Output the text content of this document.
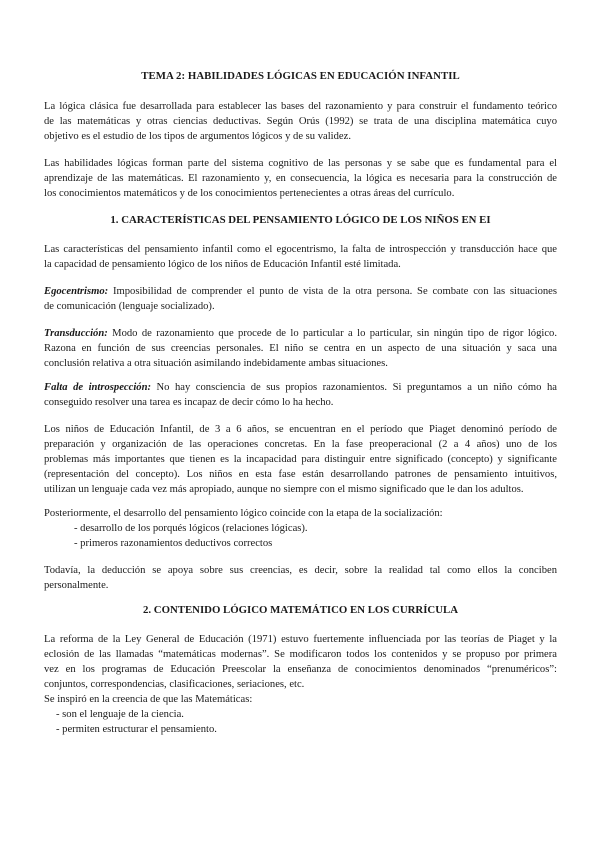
TEMA 2: HABILIDADES LÓGICAS EN EDUCACIÓN INFANTIL
La lógica clásica fue desarrollada para establecer las bases del razonamiento y para construir el fundamento teórico
de las matemáticas y otras ciencias deductivas. Según Orús (1992) se trata de una disciplina matemática cuyo
objetivo es el estudio de los tipos de argumentos lógicos y de su validez.
Las habilidades lógicas forman parte del sistema cognitivo de las personas y se sabe que es fundamental para el
aprendizaje de las matemáticas. El razonamiento y, en consecuencia, la lógica es necesaria para la construcción de
los conocimientos matemáticos y de los conocimientos pertenecientes a otras áreas del currículo.
1. CARACTERÍSTICAS DEL PENSAMIENTO LÓGICO DE LOS NIÑOS EN EI
Las características del pensamiento infantil como el egocentrismo, la falta de introspección y transducción hace que
la capacidad de pensamiento lógico de los niños de Educación Infantil esté limitada.
Egocentrismo: Imposibilidad de comprender el punto de vista de la otra persona. Se combate con las situaciones
de comunicación (lenguaje socializado).
Transducción: Modo de razonamiento que procede de lo particular a lo particular, sin ningún tipo de rigor lógico.
Razona en función de sus creencias personales. El niño se centra en un aspecto de una situación y saca una
conclusión relativa a otra situación asimilando indebidamente ambas situaciones.
Falta de introspección: No hay consciencia de sus propios razonamientos. Si preguntamos a un niño cómo ha
conseguido resolver una tarea es incapaz de decir cómo lo ha hecho.
Los niños de Educación Infantil, de 3 a 6 años, se encuentran en el período que Piaget denominó período de
preparación y organización de las operaciones concretas. En la fase preoperacional (2 a 4 años) uno de los
problemas más importantes que tienen es la incapacidad para distinguir entre significado (concepto) y significante
(representación del concepto). Los niños en esta fase están desarrollando patrones de pensamiento intuitivos,
utilizan un lenguaje cada vez más apropiado, aunque no siempre con el mismo significado que le dan los adultos.
Posteriormente, el desarrollo del pensamiento lógico coincide con la etapa de la socialización:
- desarrollo de los porqués lógicos (relaciones lógicas).
- primeros razonamientos deductivos correctos
Todavía, la deducción se apoya sobre sus creencias, es decir, sobre la realidad tal como ellos la conciben
personalmente.
2. CONTENIDO LÓGICO MATEMÁTICO EN LOS CURRÍCULA
La reforma de la Ley General de Educación (1971) estuvo fuertemente influenciada por las teorías de Piaget y la
eclosión de las llamadas “matemáticas modernas”. Se modificaron todos los contenidos y se propuso por primera
vez en los programas de Educación Preescolar la enseñanza de conocimientos denominados “prenuméricos”:
conjuntos, correspondencias, clasificaciones, seriaciones, etc.
Se inspiró en la creencia de que las Matemáticas:
- son el lenguaje de la ciencia.
- permiten estructurar el pensamiento.
